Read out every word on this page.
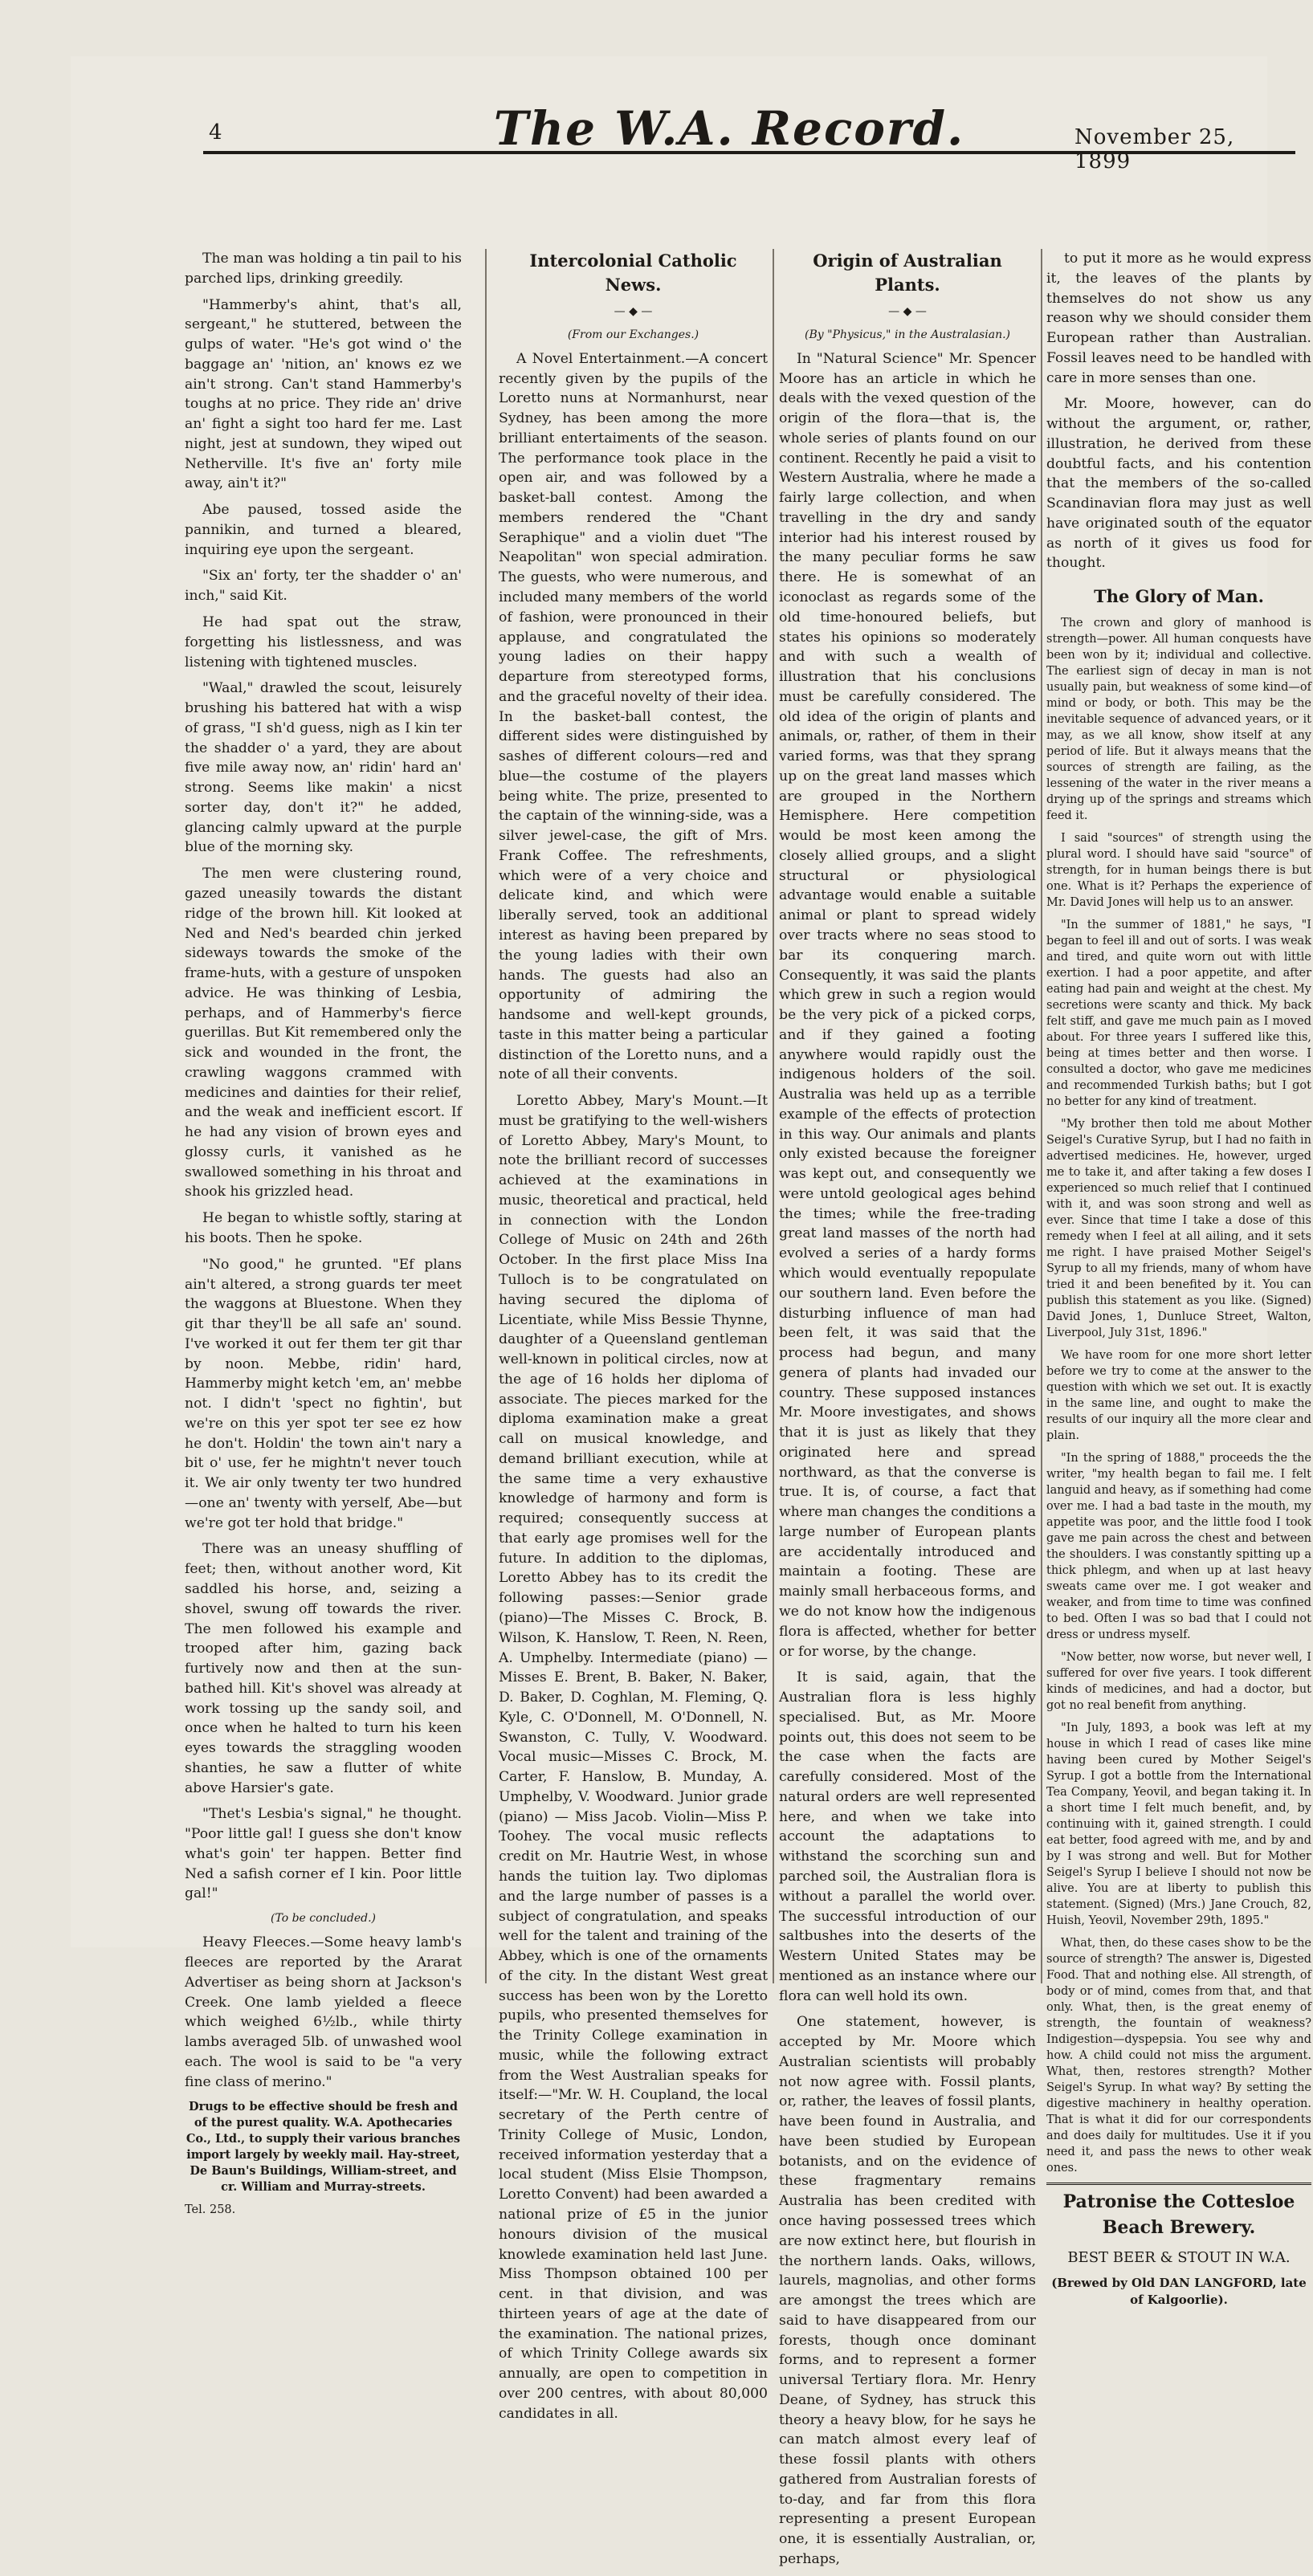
4	The W.A. Record.	November 25, 1899

The man was holding a tin pail to his parched lips, drinking greedily.

"Hammerby's ahint, that's all, sergeant," he stuttered, between the gulps of water. "He's got wind o' the baggage an' 'nition, an' knows ez we ain't strong. Can't stand Hammerby's toughs at no price. They ride an' drive an' fight a sight too hard fer me. Last night, jest at sundown, they wiped out Netherville. It's five an' forty mile away, ain't it?"

Abe paused, tossed aside the pannikin, and turned a bleared, inquiring eye upon the sergeant.

"Six an' forty, ter the shadder o' an' inch," said Kit.

He had spat out the straw, forgetting his listlessness, and was listening with tightened muscles.

"Waal," drawled the scout, leisurely brushing his battered hat with a wisp of grass, "I sh'd guess, nigh as I kin ter the shadder o' a yard, they are about five mile away now, an' ridin' hard an' strong. Seems like makin' a nicst sorter day, don't it?" he added, glancing calmly upward at the purple blue of the morning sky.

The men were clustering round, gazed uneasily towards the distant ridge of the brown hill. Kit looked at Ned and Ned's bearded chin jerked sideways towards the smoke of the frame-huts, with a gesture of unspoken advice. He was thinking of Lesbia, perhaps, and of Hammerby's fierce guerillas. But Kit remembered only the sick and wounded in the front, the crawling waggons crammed with medicines and dainties for their relief, and the weak and inefficient escort. If he had any vision of brown eyes and glossy curls, it vanished as he swallowed something in his throat and shook his grizzled head.

He began to whistle softly, staring at his boots. Then he spoke.

"No good," he grunted. "Ef plans ain't altered, a strong guards ter meet the waggons at Bluestone. When they git thar they'll be all safe an' sound. I've worked it out fer them ter git thar by noon. Mebbe, ridin' hard, Hammerby might ketch 'em, an' mebbe not. I didn't 'spect no fightin', but we're on this yer spot ter see ez how he don't. Holdin' the town ain't nary a bit o' use, fer he mightn't never touch it. We air only twenty ter two hundred—one an' twenty with yerself, Abe—but we're got ter hold that bridge."

There was an uneasy shuffling of feet; then, without another word, Kit saddled his horse, and, seizing a shovel, swung off towards the river. The men followed his example and trooped after him, gazing back furtively now and then at the sun-bathed hill. Kit's shovel was already at work tossing up the sandy soil, and once when he halted to turn his keen eyes towards the straggling wooden shanties, he saw a flutter of white above Harsier's gate.

"Thet's Lesbia's signal," he thought. "Poor little gal! I guess she don't know what's goin' ter happen. Better find Ned a safish corner ef I kin. Poor little gal!"

(To be concluded.)

Heavy Fleeces.—Some heavy lamb's fleeces are reported by the Ararat Advertiser as being shorn at Jackson's Creek. One lamb yielded a fleece which weighed 6½lb., while thirty lambs averaged 5lb. of unwashed wool each. The wool is said to be "a very fine class of merino."

Drugs to be effective should be fresh and of the purest quality. W.A. Apothecaries Co., Ltd., to supply their various branches import largely by weekly mail. Hay-street, De Baun's Buildings, William-street, and cr. William and Murray-streets.

Tel. 258.

Intercolonial Catholic News.

— ◆ —

(From our Exchanges.)

A Novel Entertainment.—A concert recently given by the pupils of the Loretto nuns at Normanhurst, near Sydney, has been among the more brilliant entertaiments of the season. The performance took place in the open air, and was followed by a basket-ball contest. Among the members rendered the "Chant Seraphique" and a violin duet "The Neapolitan" won special admiration. The guests, who were numerous, and included many members of the world of fashion, were pronounced in their applause, and congratulated the young ladies on their happy departure from stereotyped forms, and the graceful novelty of their idea. In the basket-ball contest, the different sides were distinguished by sashes of different colours—red and blue—the costume of the players being white. The prize, presented to the captain of the winning-side, was a silver jewel-case, the gift of Mrs. Frank Coffee. The refreshments, which were of a very choice and delicate kind, and which were liberally served, took an additional interest as having been prepared by the young ladies with their own hands. The guests had also an opportunity of admiring the handsome and well-kept grounds, taste in this matter being a particular distinction of the Loretto nuns, and a note of all their convents.

Loretto Abbey, Mary's Mount.—It must be gratifying to the well-wishers of Loretto Abbey, Mary's Mount, to note the brilliant record of successes achieved at the examinations in music, theoretical and practical, held in connection with the London College of Music on 24th and 26th October. In the first place Miss Ina Tulloch is to be congratulated on having secured the diploma of Licentiate, while Miss Bessie Thynne, daughter of a Queensland gentleman well-known in political circles, now at the age of 16 holds her diploma of associate. The pieces marked for the diploma examination make a great call on musical knowledge, and demand brilliant execution, while at the same time a very exhaustive knowledge of harmony and form is required; consequently success at that early age promises well for the future. In addition to the diplomas, Loretto Abbey has to its credit the following passes:—Senior grade (piano)—The Misses C. Brock, B. Wilson, K. Hanslow, T. Reen, N. Reen, A. Umphelby. Intermediate (piano) — Misses E. Brent, B. Baker, N. Baker, D. Baker, D. Coghlan, M. Fleming, Q. Kyle, C. O'Donnell, M. O'Donnell, N. Swanston, C. Tully, V. Woodward. Vocal music—Misses C. Brock, M. Carter, F. Hanslow, B. Munday, A. Umphelby, V. Woodward. Junior grade (piano) — Miss Jacob. Violin—Miss P. Toohey. The vocal music reflects credit on Mr. Hautrie West, in whose hands the tuition lay. Two diplomas and the large number of passes is a subject of congratulation, and speaks well for the talent and training of the Abbey, which is one of the ornaments of the city. In the distant West great success has been won by the Loretto pupils, who presented themselves for the Trinity College examination in music, while the following extract from the West Australian speaks for itself:—"Mr. W. H. Coupland, the local secretary of the Perth centre of Trinity College of Music, London, received information yesterday that a local student (Miss Elsie Thompson, Loretto Convent) had been awarded a national prize of £5 in the junior honours division of the musical knowlede examination held last June. Miss Thompson obtained 100 per cent. in that division, and was thirteen years of age at the date of the examination. The national prizes, of which Trinity College awards six annually, are open to competition in over 200 centres, with about 80,000 candidates in all.

Origin of Australian Plants.

— ◆ —

(By "Physicus," in the Australasian.)

In "Natural Science" Mr. Spencer Moore has an article in which he deals with the vexed question of the origin of the flora—that is, the whole series of plants found on our continent. Recently he paid a visit to Western Australia, where he made a fairly large collection, and when travelling in the dry and sandy interior had his interest roused by the many peculiar forms he saw there. He is somewhat of an iconoclast as regards some of the old time-honoured beliefs, but states his opinions so moderately and with such a wealth of illustration that his conclusions must be carefully considered. The old idea of the origin of plants and animals, or, rather, of them in their varied forms, was that they sprang up on the great land masses which are grouped in the Northern Hemisphere. Here competition would be most keen among the closely allied groups, and a slight structural or physiological advantage would enable a suitable animal or plant to spread widely over tracts where no seas stood to bar its conquering march. Consequently, it was said the plants which grew in such a region would be the very pick of a picked corps, and if they gained a footing anywhere would rapidly oust the indigenous holders of the soil. Australia was held up as a terrible example of the effects of protection in this way. Our animals and plants only existed because the foreigner was kept out, and consequently we were untold geological ages behind the times; while the free-trading great land masses of the north had evolved a series of a hardy forms which would eventually repopulate our southern land. Even before the disturbing influence of man had been felt, it was said that the process had begun, and many genera of plants had invaded our country. These supposed instances Mr. Moore investigates, and shows that it is just as likely that they originated here and spread northward, as that the converse is true. It is, of course, a fact that where man changes the conditions a large number of European plants are accidentally introduced and maintain a footing. These are mainly small herbaceous forms, and we do not know how the indigenous flora is affected, whether for better or for worse, by the change.

It is said, again, that the Australian flora is less highly specialised. But, as Mr. Moore points out, this does not seem to be the case when the facts are carefully considered. Most of the natural orders are well represented here, and when we take into account the adaptations to withstand the scorching sun and parched soil, the Australian flora is without a parallel the world over. The successful introduction of our saltbushes into the deserts of the Western United States may be mentioned as an instance where our flora can well hold its own.

One statement, however, is accepted by Mr. Moore which Australian scientists will probably not now agree with. Fossil plants, or, rather, the leaves of fossil plants, have been found in Australia, and have been studied by European botanists, and on the evidence of these fragmentary remains Australia has been credited with once having possessed trees which are now extinct here, but flourish in the northern lands. Oaks, willows, laurels, magnolias, and other forms are amongst the trees which are said to have disappeared from our forests, though once dominant forms, and to represent a former universal Tertiary flora. Mr. Henry Deane, of Sydney, has struck this theory a heavy blow, for he says he can match almost every leaf of these fossil plants with others gathered from Australian forests of to-day, and far from this flora representing a present European one, it is essentially Australian, or, perhaps,

to put it more as he would express it, the leaves of the plants by themselves do not show us any reason why we should consider them European rather than Australian. Fossil leaves need to be handled with care in more senses than one.

Mr. Moore, however, can do without the argument, or, rather, illustration, he derived from these doubtful facts, and his contention that the members of the so-called Scandinavian flora may just as well have originated south of the equator as north of it gives us food for thought.

The Glory of Man.

The crown and glory of manhood is strength—power. All human conquests have been won by it; individual and collective. The earliest sign of decay in man is not usually pain, but weakness of some kind—of mind or body, or both. This may be the inevitable sequence of advanced years, or it may, as we all know, show itself at any period of life. But it always means that the sources of strength are failing, as the lessening of the water in the river means a drying up of the springs and streams which feed it.

I said "sources" of strength using the plural word. I should have said "source" of strength, for in human beings there is but one. What is it? Perhaps the experience of Mr. David Jones will help us to an answer.

"In the summer of 1881," he says, "I began to feel ill and out of sorts. I was weak and tired, and quite worn out with little exertion. I had a poor appetite, and after eating had pain and weight at the chest. My secretions were scanty and thick. My back felt stiff, and gave me much pain as I moved about. For three years I suffered like this, being at times better and then worse. I consulted a doctor, who gave me medicines and recommended Turkish baths; but I got no better for any kind of treatment.

"My brother then told me about Mother Seigel's Curative Syrup, but I had no faith in advertised medicines. He, however, urged me to take it, and after taking a few doses I experienced so much relief that I continued with it, and was soon strong and well as ever. Since that time I take a dose of this remedy when I feel at all ailing, and it sets me right. I have praised Mother Seigel's Syrup to all my friends, many of whom have tried it and been benefited by it. You can publish this statement as you like. (Signed) David Jones, 1, Dunluce Street, Walton, Liverpool, July 31st, 1896."

We have room for one more short letter before we try to come at the answer to the question with which we set out. It is exactly in the same line, and ought to make the results of our inquiry all the more clear and plain.

"In the spring of 1888," proceeds the the writer, "my health began to fail me. I felt languid and heavy, as if something had come over me. I had a bad taste in the mouth, my appetite was poor, and the little food I took gave me pain across the chest and between the shoulders. I was constantly spitting up a thick phlegm, and when up at last heavy sweats came over me. I got weaker and weaker, and from time to time was confined to bed. Often I was so bad that I could not dress or undress myself.

"Now better, now worse, but never well, I suffered for over five years. I took different kinds of medicines, and had a doctor, but got no real benefit from anything.

"In July, 1893, a book was left at my house in which I read of cases like mine having been cured by Mother Seigel's Syrup. I got a bottle from the International Tea Company, Yeovil, and began taking it. In a short time I felt much benefit, and, by continuing with it, gained strength. I could eat better, food agreed with me, and by and by I was strong and well. But for Mother Seigel's Syrup I believe I should not now be alive. You are at liberty to publish this statement. (Signed) (Mrs.) Jane Crouch, 82, Huish, Yeovil, November 29th, 1895."

What, then, do these cases show to be the source of strength? The answer is, Digested Food. That and nothing else. All strength, of body or of mind, comes from that, and that only. What, then, is the great enemy of strength, the fountain of weakness? Indigestion—dyspepsia. You see why and how. A child could not miss the argument. What, then, restores strength? Mother Seigel's Syrup. In what way? By setting the digestive machinery in healthy operation. That is what it did for our correspondents and does daily for multitudes. Use it if you need it, and pass the news to other weak ones.

Patronise the Cottesloe Beach Brewery.

BEST BEER & STOUT IN W.A.

(Brewed by Old DAN LANGFORD, late of Kalgoorlie).
